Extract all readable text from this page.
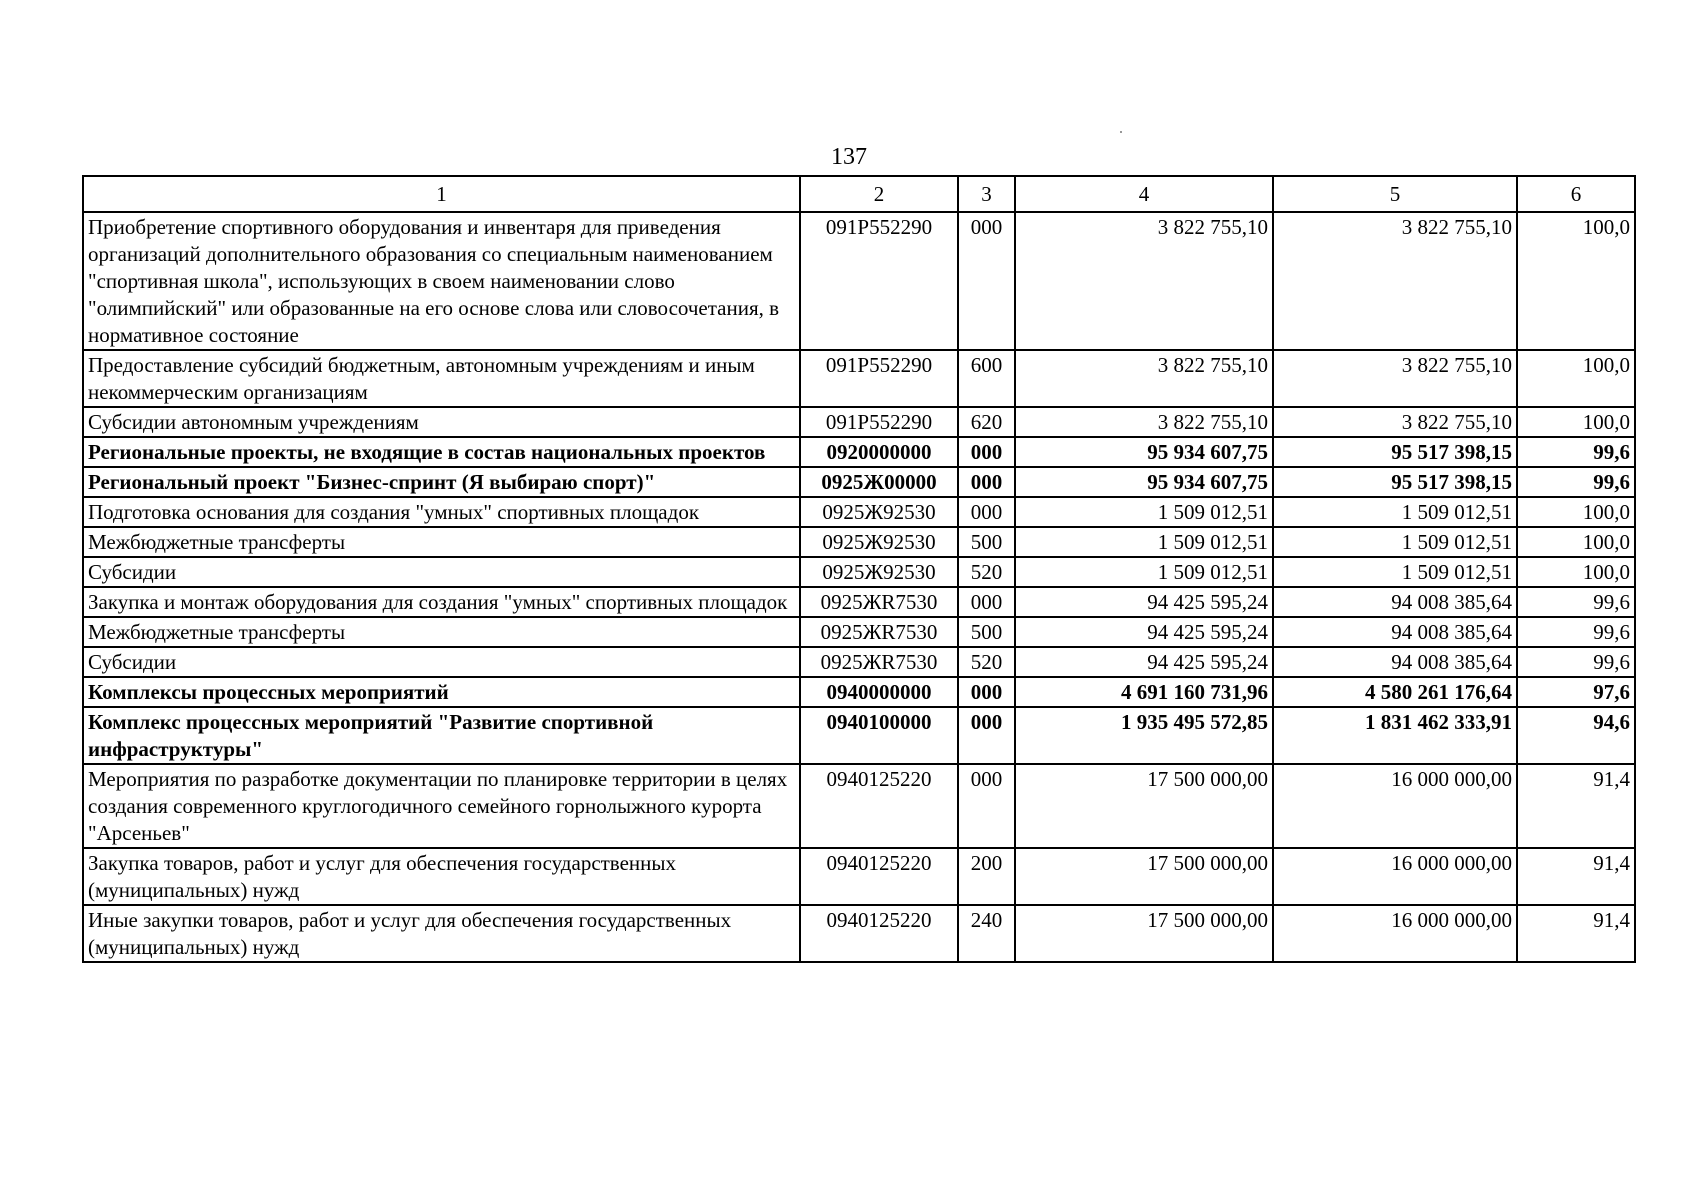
137
1	2	3	4	5	6
Приобретение спортивного оборудования и инвентаря для приведения организаций дополнительного образования со специальным наименованием "спортивная школа", использующих в своем наименовании слово "олимпийский" или образованные на его основе слова или словосочетания, в нормативное состояние	091P552290	000	3 822 755,10	3 822 755,10	100,0
Предоставление субсидий бюджетным, автономным учреждениям и иным некоммерческим организациям	091P552290	600	3 822 755,10	3 822 755,10	100,0
Субсидии автономным учреждениям	091P552290	620	3 822 755,10	3 822 755,10	100,0
Региональные проекты, не входящие в состав национальных проектов	0920000000	000	95 934 607,75	95 517 398,15	99,6
Региональный проект "Бизнес-спринт (Я выбираю спорт)"	0925Ж00000	000	95 934 607,75	95 517 398,15	99,6
Подготовка основания для создания "умных" спортивных площадок	0925Ж92530	000	1 509 012,51	1 509 012,51	100,0
Межбюджетные трансферты	0925Ж92530	500	1 509 012,51	1 509 012,51	100,0
Субсидии	0925Ж92530	520	1 509 012,51	1 509 012,51	100,0
Закупка и монтаж оборудования для создания "умных" спортивных площадок	0925ЖR7530	000	94 425 595,24	94 008 385,64	99,6
Межбюджетные трансферты	0925ЖR7530	500	94 425 595,24	94 008 385,64	99,6
Субсидии	0925ЖR7530	520	94 425 595,24	94 008 385,64	99,6
Комплексы процессных мероприятий	0940000000	000	4 691 160 731,96	4 580 261 176,64	97,6
Комплекс процессных мероприятий "Развитие спортивной инфраструктуры"	0940100000	000	1 935 495 572,85	1 831 462 333,91	94,6
Мероприятия по разработке документации по планировке территории в целях создания современного круглогодичного семейного горнолыжного курорта "Арсеньев"	0940125220	000	17 500 000,00	16 000 000,00	91,4
Закупка товаров, работ и услуг для обеспечения государственных (муниципальных) нужд	0940125220	200	17 500 000,00	16 000 000,00	91,4
Иные закупки товаров, работ и услуг для обеспечения государственных (муниципальных) нужд	0940125220	240	17 500 000,00	16 000 000,00	91,4
